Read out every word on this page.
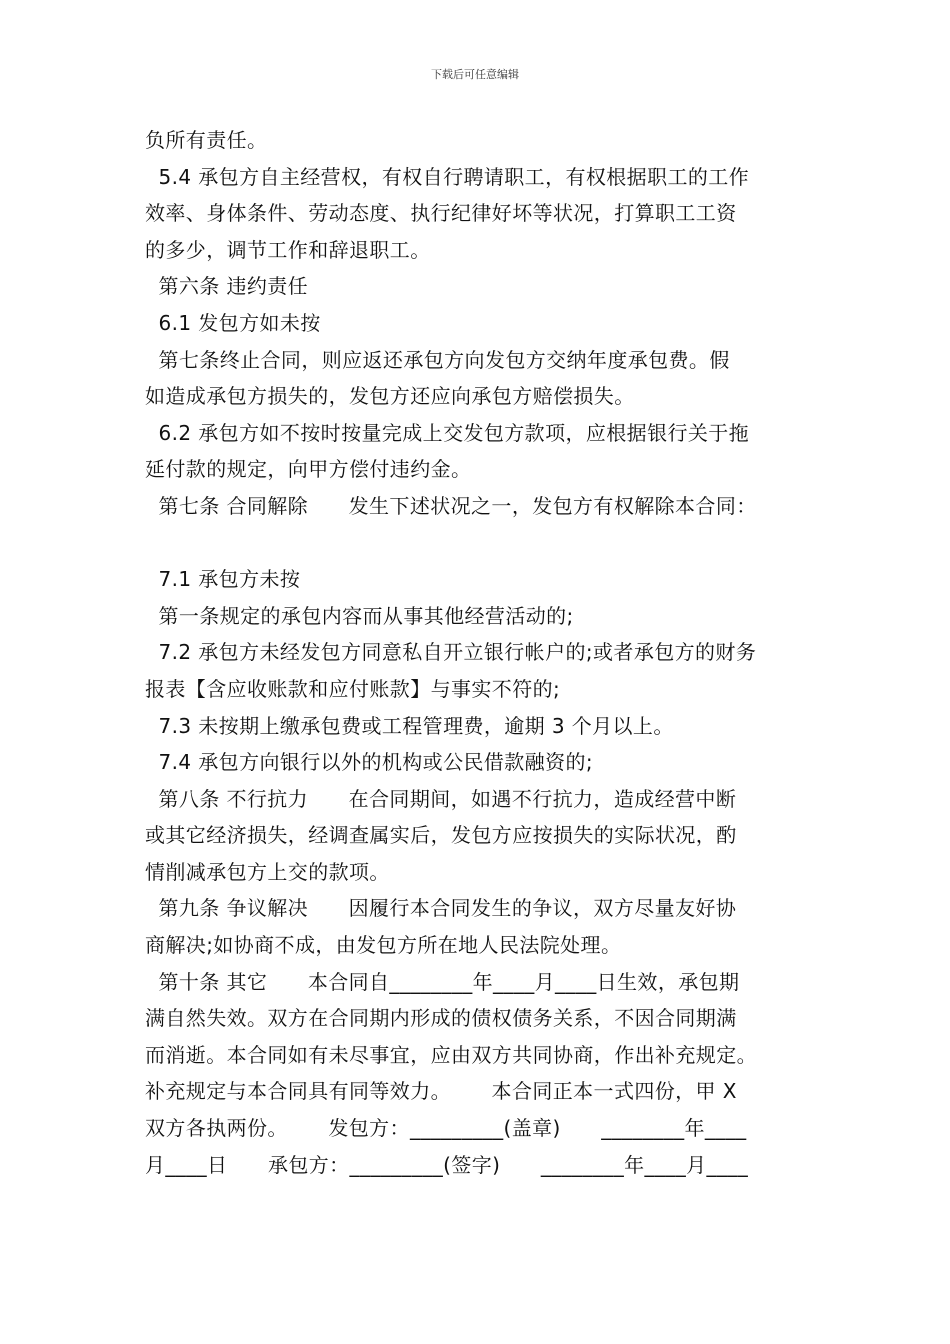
下载后可任意编辑
负所有责任。
5.4 承包方自主经营权，有权自行聘请职工，有权根据职工的工作
效率、身体条件、劳动态度、执行纪律好坏等状况，打算职工工资
的多少，调节工作和辞退职工。
第六条 违约责任
6.1 发包方如未按
第七条终止合同，则应返还承包方向发包方交纳年度承包费。假
如造成承包方损失的，发包方还应向承包方赔偿损失。
6.2 承包方如不按时按量完成上交发包方款项，应根据银行关于拖
延付款的规定，向甲方偿付违约金。
第七条 合同解除      发生下述状况之一，发包方有权解除本合同：
7.1 承包方未按
第一条规定的承包内容而从事其他经营活动的;
7.2 承包方未经发包方同意私自开立银行帐户的;或者承包方的财务
报表【含应收账款和应付账款】与事实不符的;
7.3 未按期上缴承包费或工程管理费，逾期 3 个月以上。
7.4 承包方向银行以外的机构或公民借款融资的;
第八条 不行抗力      在合同期间，如遇不行抗力，造成经营中断
或其它经济损失，经调查属实后，发包方应按损失的实际状况，酌
情削减承包方上交的款项。
第九条 争议解决      因履行本合同发生的争议，双方尽量友好协
商解决;如协商不成，由发包方所在地人民法院处理。
第十条 其它      本合同自________年____月____日生效，承包期
满自然失效。双方在合同期内形成的债权债务关系，不因合同期满
而消逝。本合同如有未尽事宜，应由双方共同协商，作出补充规定。
补充规定与本合同具有同等效力。      本合同正本一式四份，甲 X
双方各执两份。      发包方：_________(盖章)      ________年____
月____日      承包方：_________(签字)      ________年____月____
